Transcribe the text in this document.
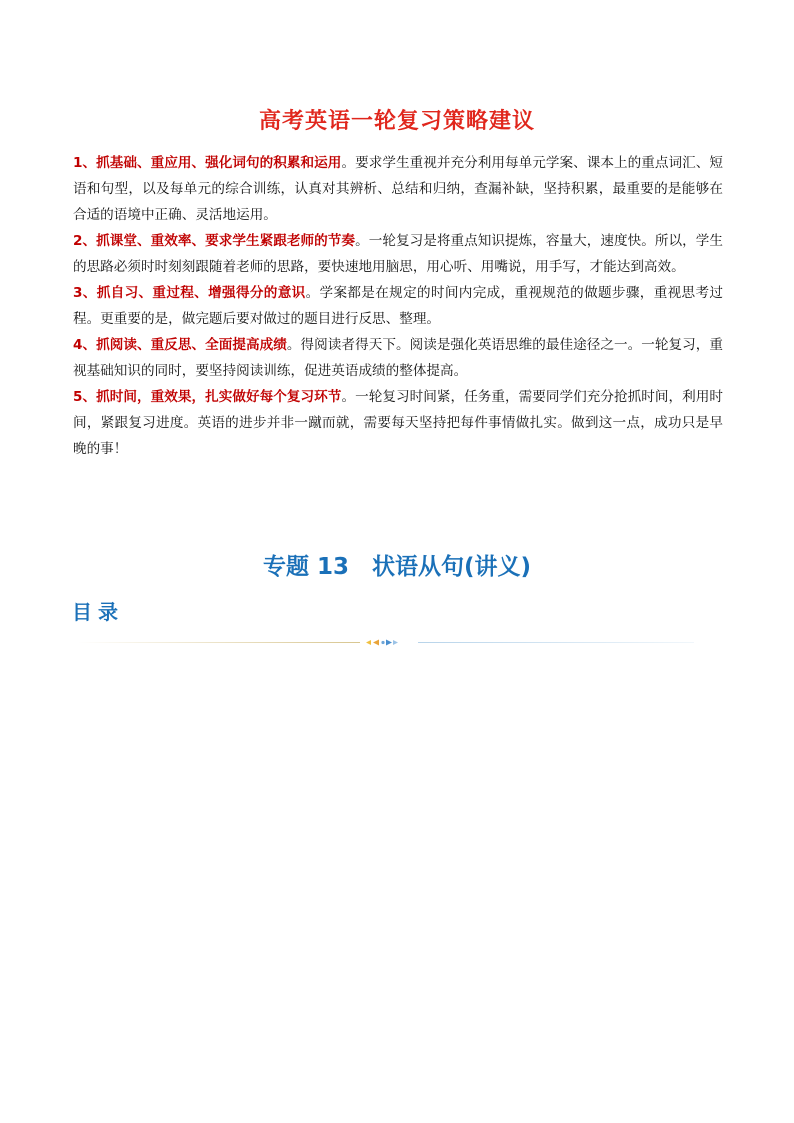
高考英语一轮复习策略建议

1、抓基础、重应用、强化词句的积累和运用。要求学生重视并充分利用每单元学案、课本上的重点词汇、短语和句型，以及每单元的综合训练，认真对其辨析、总结和归纳，查漏补缺，坚持积累，最重要的是能够在合适的语境中正确、灵活地运用。

2、抓课堂、重效率、要求学生紧跟老师的节奏。一轮复习是将重点知识提炼，容量大，速度快。所以，学生的思路必须时时刻刻跟随着老师的思路，要快速地用脑思，用心听、用嘴说，用手写，才能达到高效。

3、抓自习、重过程、增强得分的意识。学案都是在规定的时间内完成，重视规范的做题步骤，重视思考过程。更重要的是，做完题后要对做过的题目进行反思、整理。

4、抓阅读、重反思、全面提高成绩。得阅读者得天下。阅读是强化英语思维的最佳途径之一。一轮复习，重视基础知识的同时，要坚持阅读训练，促进英语成绩的整体提高。

5、抓时间，重效果，扎实做好每个复习环节。一轮复习时间紧，任务重，需要同学们充分抢抓时间，利用时间，紧跟复习进度。英语的进步并非一蹴而就，需要每天坚持把每件事情做扎实。做到这一点，成功只是早晚的事！

专题 13　状语从句(讲义)
目录
